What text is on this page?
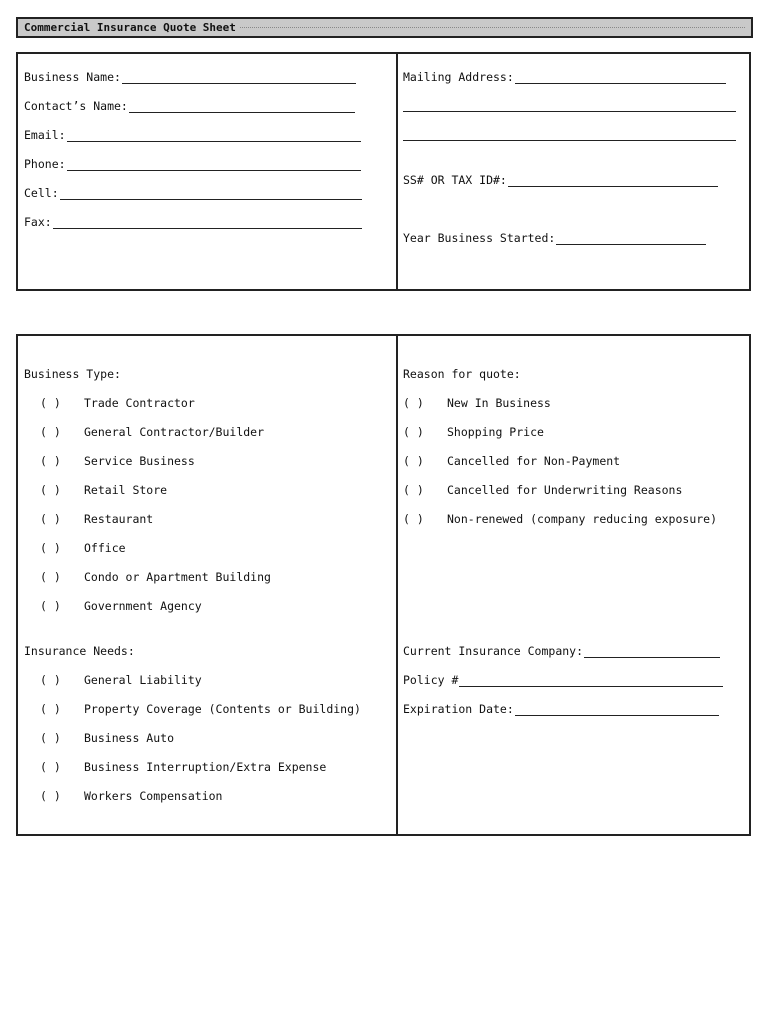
Commercial Insurance Quote Sheet
Business Name:
Contact’s Name:
Email:
Phone:
Cell:
Fax:
Mailing Address:
SS# OR TAX ID#:
Year Business Started:
Business Type:
( ) Trade Contractor
( ) General Contractor/Builder
( ) Service Business
( ) Retail Store
( ) Restaurant
( ) Office
( ) Condo or Apartment Building
( ) Government Agency
Insurance Needs:
( ) General Liability
( ) Property Coverage (Contents or Building)
( ) Business Auto
( ) Business Interruption/Extra Expense
( ) Workers Compensation
Reason for quote:
( ) New In Business
( ) Shopping Price
( ) Cancelled for Non-Payment
( ) Cancelled for Underwriting Reasons
( ) Non-renewed (company reducing exposure)
Current Insurance Company:
Policy #
Expiration Date:
